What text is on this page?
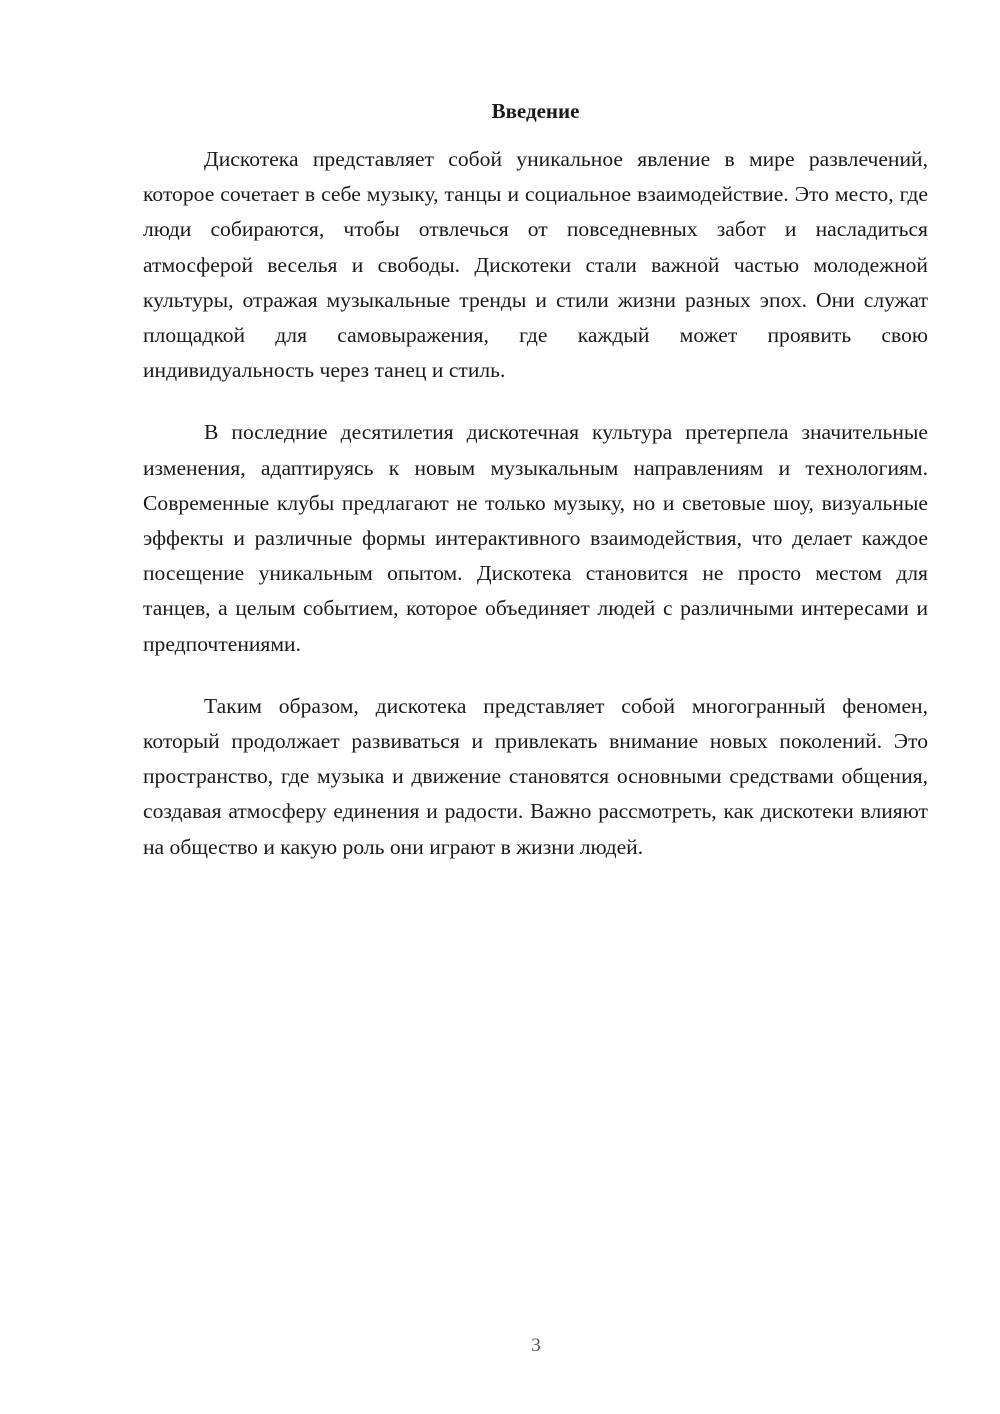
Введение

Дискотека представляет собой уникальное явление в мире развлечений, которое сочетает в себе музыку, танцы и социальное взаимодействие. Это место, где люди собираются, чтобы отвлечься от повседневных забот и насладиться атмосферой веселья и свободы. Дискотеки стали важной частью молодежной культуры, отражая музыкальные тренды и стили жизни разных эпох. Они служат площадкой для самовыражения, где каждый может проявить свою индивидуальность через танец и стиль.

В последние десятилетия дискотечная культура претерпела значительные изменения, адаптируясь к новым музыкальным направлениям и технологиям. Современные клубы предлагают не только музыку, но и световые шоу, визуальные эффекты и различные формы интерактивного взаимодействия, что делает каждое посещение уникальным опытом. Дискотека становится не просто местом для танцев, а целым событием, которое объединяет людей с различными интересами и предпочтениями.

Таким образом, дискотека представляет собой многогранный феномен, который продолжает развиваться и привлекать внимание новых поколений. Это пространство, где музыка и движение становятся основными средствами общения, создавая атмосферу единения и радости. Важно рассмотреть, как дискотеки влияют на общество и какую роль они играют в жизни людей.

3
